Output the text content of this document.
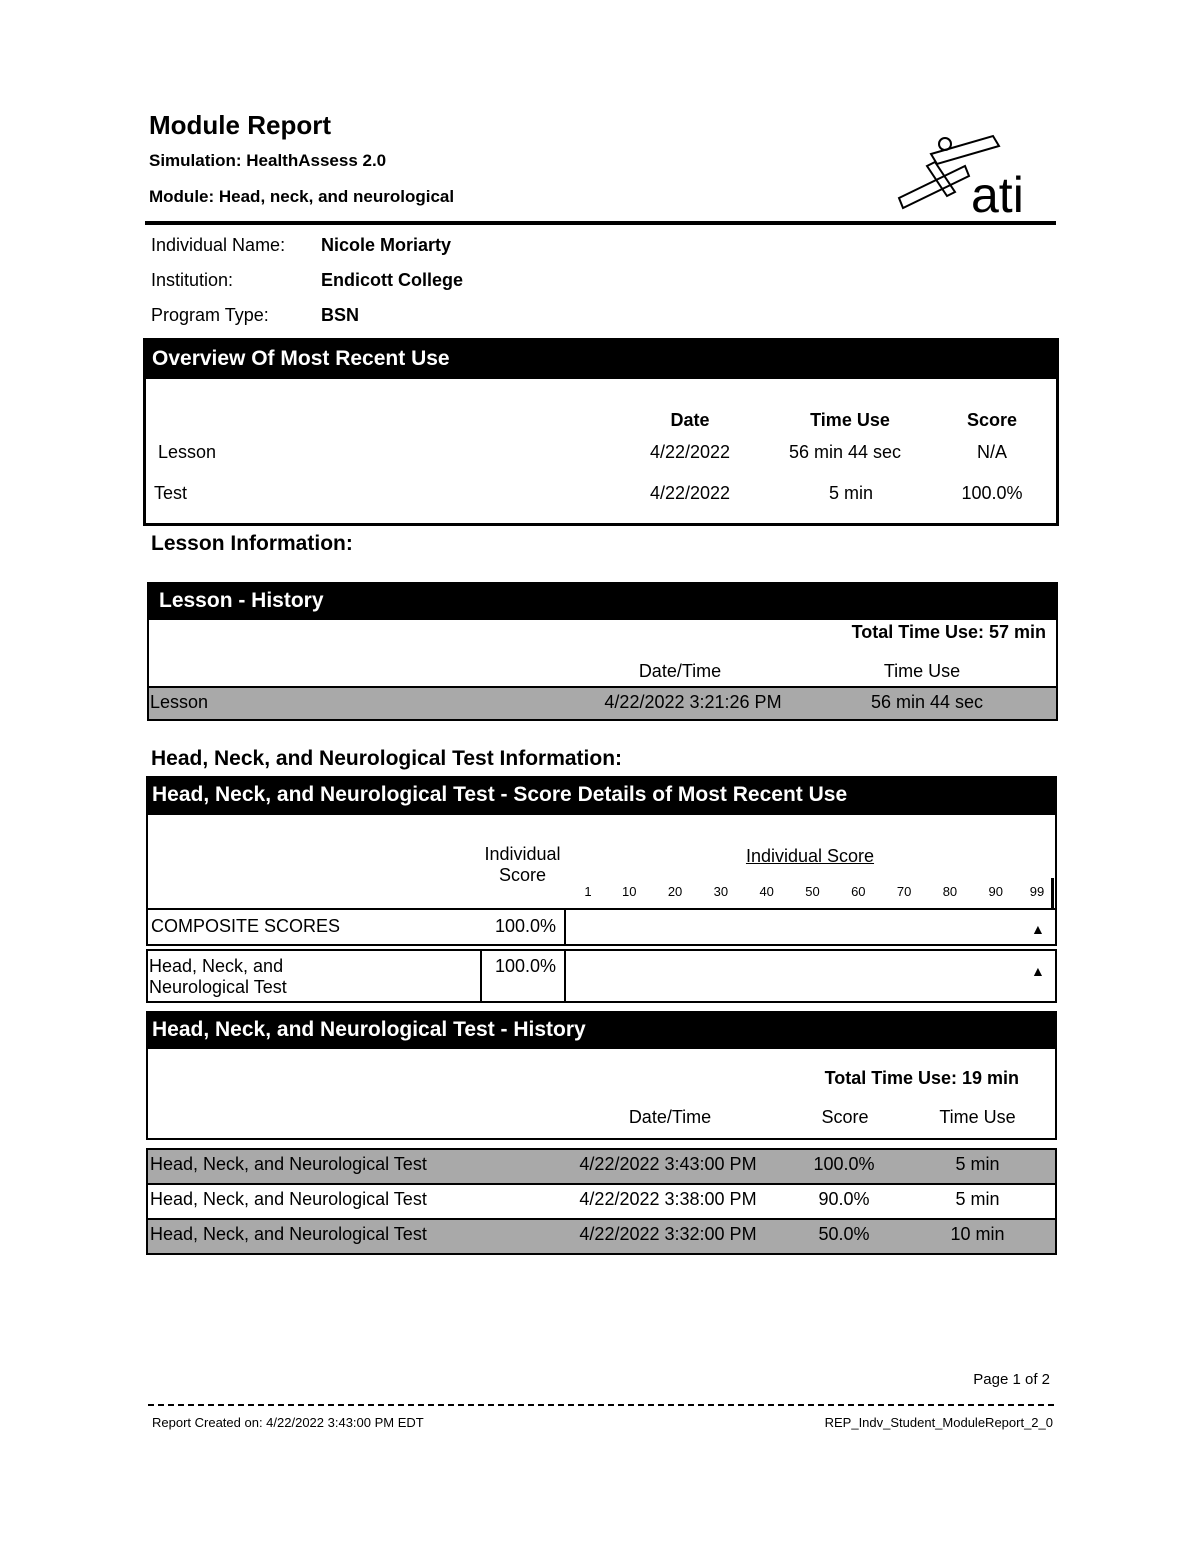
Module Report
Simulation: HealthAssess 2.0
Module: Head, neck, and neurological	ati
Individual Name: Nicole Moriarty
Institution:	Endicott College
Program Type:	BSN
Overview Of Most Recent Use
Date	Time Use	Score
Lesson	4/22/2022	56 min 44 sec	N/A
Test	4/22/2022	5 min	100.0%
Lesson Information:
Lesson - History
Total Time Use: 57 min
Date/Time	Time Use
Lesson	4/22/2022 3:21:26 PM	56 min 44 sec
Head, Neck, and Neurological Test Information:
Head, Neck, and Neurological Test - Score Details of Most Recent Use
Individual
Score
Individual Score
1	10	20	30	40	50	60	70	80	90	99
COMPOSITE SCORES	100.0%	▲
Head, Neck, and
Neurological Test
100.0%	▲
Head, Neck, and Neurological Test - History
Total Time Use: 19 min
Date/Time	Score	Time Use
Head, Neck, and Neurological Test	4/22/2022 3:43:00 PM	100.0%	5 min
Head, Neck, and Neurological Test	4/22/2022 3:38:00 PM	90.0%	5 min
Head, Neck, and Neurological Test	4/22/2022 3:32:00 PM	50.0%	10 min
Page 1 of 2
Report Created on: 4/22/2022 3:43:00 PM EDT	REP_Indv_Student_ModuleReport_2_0
